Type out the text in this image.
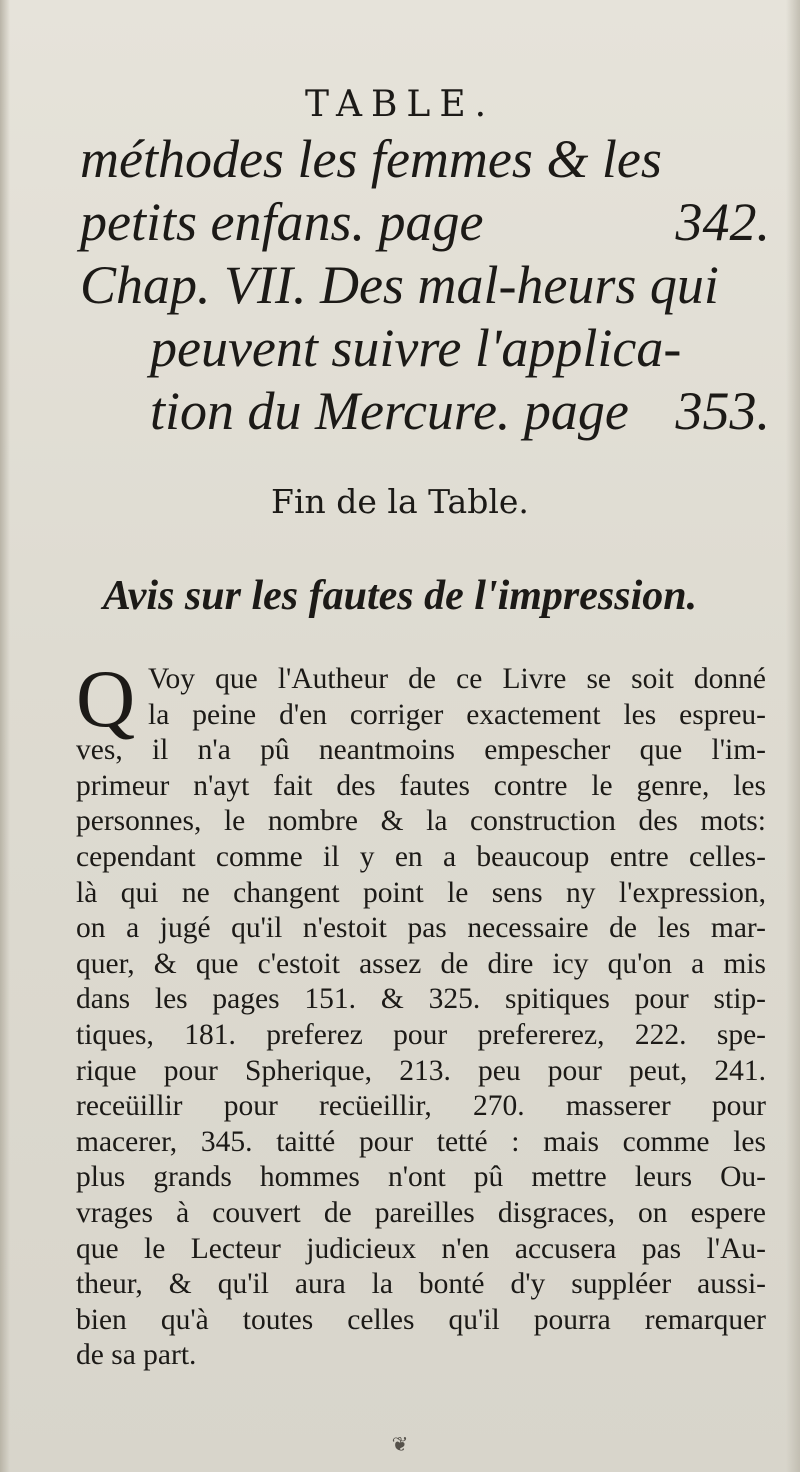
TABLE.
méthodes les femmes & les
petits enfans. page	342.
Chap. VII. Des mal-heurs qui
peuvent suivre l'applica-
tion du Mercure. page 353.
Fin de la Table.
Avis sur les fautes de l'impression.
Q Voy que l'Autheur de ce Livre se soit donné
la peine d'en corriger exactement les espreu-
ves, il n'a pû neantmoins empescher que l'im-
primeur n'ayt fait des fautes contre le genre, les
personnes, le nombre & la construction des mots:
cependant comme il y en a beaucoup entre celles-
là qui ne changent point le sens ny l'expression,
on a jugé qu'il n'estoit pas necessaire de les mar-
quer, & que c'estoit assez de dire icy qu'on a mis
dans les pages 151. & 325. spitiques pour stip-
tiques, 181. preferez pour prefererez, 222. spe-
rique pour Spherique, 213. peu pour peut, 241.
receüillir pour recüeillir, 270. masserer pour
macerer, 345. taitté pour tetté : mais comme les
plus grands hommes n'ont pû mettre leurs Ou-
vrages à couvert de pareilles disgraces, on espere
que le Lecteur judicieux n'en accusera pas l'Au-
theur, & qu'il aura la bonté d'y suppléer aussi-
bien qu'à toutes celles qu'il pourra remarquer
de sa part.
❦
